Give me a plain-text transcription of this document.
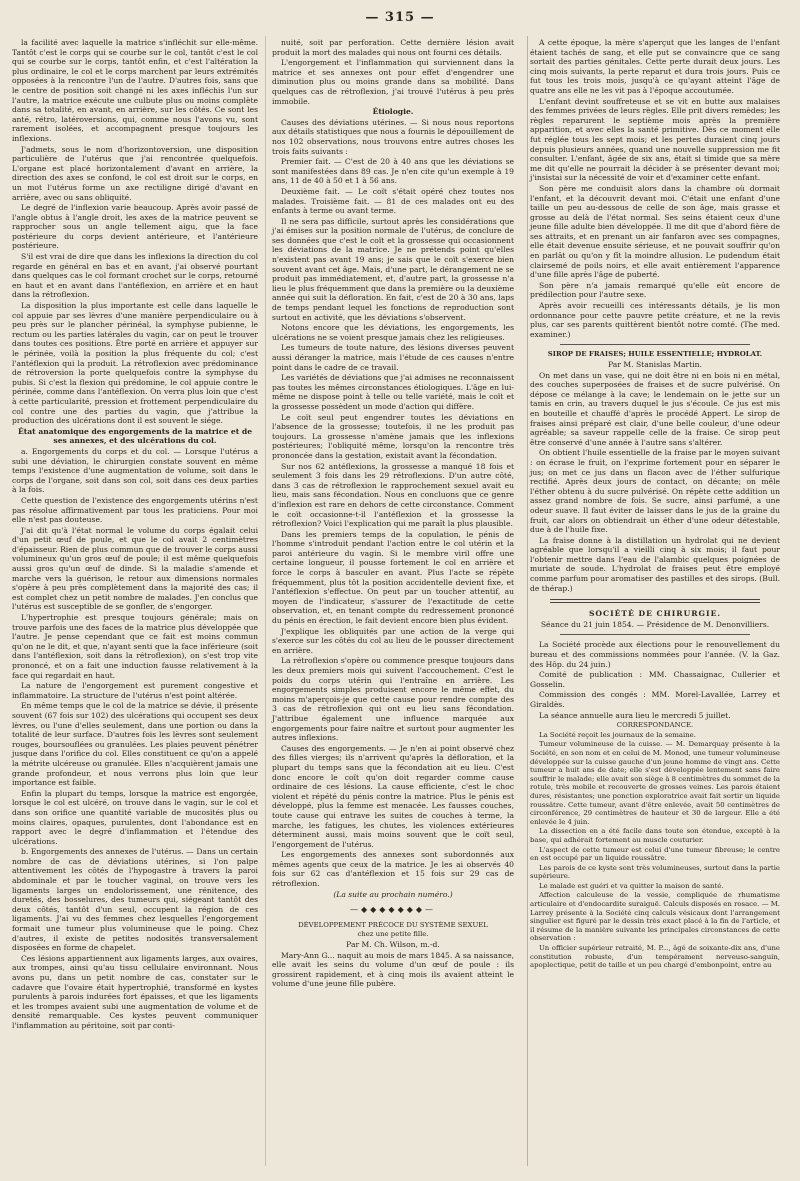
— 315 —

la facilité avec laquelle la matrice s'infléchit sur elle-même. Tantôt c'est le corps qui se courbe sur le col, tantôt c'est le col qui se courbe sur le corps, tantôt enfin, et c'est l'altération la plus ordinaire, le col et le corps marchent par leurs extrémités opposées à la rencontre l'un de l'autre. D'autres fois, sans que le centre de position soit changé ni les axes infléchis l'un sur l'autre, la matrice exécute une culbute plus ou moins complète dans sa totalité, en avant, en arrière, sur les côtés. Ce sont les anté, rétro, latéroversions, qui, comme nous l'avons vu, sont rarement isolées, et accompagnent presque toujours les inflexions.

J'admets, sous le nom d'horizontoversion, une disposition particulière de l'utérus que j'ai rencontrée quelquefois. L'organe est placé horizontalement d'avant en arrière, la direction des axes se confond, le col est droit sur le corps, en un mot l'utérus forme un axe rectiligne dirigé d'avant en arrière, avec ou sans obliquité.

Le degré de l'inflexion varie beaucoup. Après avoir passé de l'angle obtus à l'angle droit, les axes de la matrice peuvent se rapprocher sous un angle tellement aigu, que la face postérieure du corps devient antérieure, et l'antérieure postérieure.

S'il est vrai de dire que dans les inflexions la direction du col regarde en général en bas et en avant, j'ai observé pourtant dans quelques cas le col formant crochet sur le corps, retourné en haut et en avant dans l'antéflexion, en arrière et en haut dans la rétroflexion.

La disposition la plus importante est celle dans laquelle le col appuie par ses lèvres d'une manière perpendiculaire ou à peu près sur le plancher périnéal, la symphyse pubienne, le rectum ou les parties latérales du vagin, car on peut le trouver dans toutes ces positions. Être porté en arrière et appuyer sur le périnée, voilà la position la plus fréquente du col; c'est l'antéflexion qui la produit. La rétroflexion avec prédominance de rétroversion la porte quelquefois contre la symphyse du pubis. Si c'est la flexion qui prédomine, le col appuie contre le périnée, comme dans l'antéflexion. On verra plus loin que c'est à cette particularité, pression et frottement perpendiculaire du col contre une des parties du vagin, que j'attribue la production des ulcérations dont il est souvent le siége.

État anatomique des engorgements de la matrice et de ses annexes, et des ulcérations du col.

a. Engorgements du corps et du col. — Lorsque l'utérus a subi une déviation, le chirurgien constate souvent en même temps l'existence d'une augmentation de volume, soit dans le corps de l'organe, soit dans son col, soit dans ces deux parties à la fois.

Cette question de l'existence des engorgements utérins n'est pas résolue affirmativement par tous les praticiens. Pour moi elle n'est pas douteuse.

J'ai dit qu'à l'état normal le volume du corps égalait celui d'un petit œuf de poule, et que le col avait 2 centimètres d'épaisseur. Rien de plus commun que de trouver le corps aussi volumineux qu'un gros œuf de poule; il est même quelquefois aussi gros qu'un œuf de dinde. Si la maladie s'amende et marche vers la guérison, le retour aux dimensions normales s'opère à peu près complètement dans la majorité des cas; il est complet chez un petit nombre de malades. J'en conclus que l'utérus est susceptible de se gonfler, de s'engorger.

L'hypertrophie est presque toujours générale; mais on trouve parfois une des faces de la matrice plus développée que l'autre. Je pense cependant que ce fait est moins commun qu'on ne le dit, et que, n'ayant senti que la face inférieure (soit dans l'antéflexion, soit dans la rétroflexion), on s'est trop vite prononcé, et on a fait une induction fausse relativement à la face qui regardait en haut.

La nature de l'engorgement est purement congestive et inflammatoire. La structure de l'utérus n'est point altérée.

En même temps que le col de la matrice se dévie, il présente souvent (67 fois sur 102) des ulcérations qui occupent ses deux lèvres, ou l'une d'elles seulement, dans une portion ou dans la totalité de leur surface. D'autres fois les lèvres sont seulement rouges, boursouflées ou granulées. Les plaies peuvent pénétrer jusque dans l'orifice du col. Elles constituent ce qu'on a appelé la métrite ulcéreuse ou granulée. Elles n'acquièrent jamais une grande profondeur, et nous verrons plus loin que leur importance est faible.

Enfin la plupart du temps, lorsque la matrice est engorgée, lorsque le col est ulcéré, on trouve dans le vagin, sur le col et dans son orifice une quantité variable de mucosités plus ou moins claires, opaques, purulentes, dont l'abondance est en rapport avec le degré d'inflammation et l'étendue des ulcérations.

b. Engorgements des annexes de l'utérus. — Dans un certain nombre de cas de déviations utérines, si l'on palpe attentivement les côtés de l'hypogastre à travers la paroi abdominale et par le toucher vaginal, on trouve vers les ligaments larges un endolorissement, une rénitence, des duretés, des bosselures, des tumeurs qui, siégeant tantôt des deux côtés, tantôt d'un seul, occupent la région de ces ligaments. J'ai vu des femmes chez lesquelles l'engorgement formait une tumeur plus volumineuse que le poing. Chez d'autres, il existe de petites nodosités transversalement disposées en forme de chapelet.

Ces lésions appartiennent aux ligaments larges, aux ovaires, aux trompes, ainsi qu'au tissu cellulaire environnant. Nous avons pu, dans un petit nombre de cas, constater sur le cadavre que l'ovaire était hypertrophié, transformé en kystes purulents à parois indurées fort épaisses, et que les ligaments et les trompes avaient subi une augmentation de volume et de densité remarquable. Ces kystes peuvent communiquer l'inflammation au péritoine, soit par conti-

nuité, soit par perforation. Cette dernière lésion avait produit la mort des malades qui nous ont fourni ces détails.

L'engorgement et l'inflammation qui surviennent dans la matrice et ses annexes ont pour effet d'engendrer une diminution plus ou moins grande dans sa mobilité. Dans quelques cas de rétroflexion, j'ai trouvé l'utérus à peu près immobile.

Étiologie.

Causes des déviations utérines. — Si nous nous reportons aux détails statistiques que nous a fournis le dépouillement de nos 102 observations, nous trouvons entre autres choses les trois faits suivants :

Premier fait. — C'est de 20 à 40 ans que les déviations se sont manifestées dans 89 cas. Je n'en cite qu'un exemple à 19 ans, 11 de 40 à 50 et 1 à 56 ans.

Deuxième fait. — Le coït s'était opéré chez toutes nos malades. Troisième fait. — 81 de ces malades ont eu des enfants à terme ou avant terme.

Il ne sera pas difficile, surtout après les considérations que j'ai émises sur la position normale de l'utérus, de conclure de ses données que c'est le coït et la grossesse qui occasionnent les déviations de la matrice. Je ne prétends point qu'elles n'existent pas avant 19 ans; je sais que le coït s'exerce bien souvent avant cet âge. Mais, d'une part, le dérangement ne se produit pas immédiatement, et, d'autre part, la grossesse n'a lieu le plus fréquemment que dans la première ou la deuxième année qui suit la défloration. En fait, c'est de 20 à 30 ans, laps de temps pendant lequel les fonctions de reproduction sont surtout en activité, que les déviations s'observent.

Notons encore que les déviations, les engorgements, les ulcérations ne se voient presque jamais chez les religieuses.

Les tumeurs de toute nature, des lésions diverses peuvent aussi déranger la matrice, mais l'étude de ces causes n'entre point dans le cadre de ce travail.

Les variétés de déviations que j'ai admises ne reconnaissent pas toutes les mêmes circonstances étiologiques. L'âge en lui-même ne dispose point à telle ou telle variété, mais le coït et la grossesse possèdent un mode d'action qui diffère.

Le coït seul peut engendrer toutes les déviations en l'absence de la grossesse; toutefois, il ne les produit pas toujours. La grossesse n'amène jamais que les inflexions postérieures; l'obliquité même, lorsqu'on la rencontre très prononcée dans la gestation, existait avant la fécondation.

Sur nos 62 antéflexions, la grossesse a manqué 18 fois et seulement 3 fois dans les 29 rétroflexions. D'un autre côté, dans 3 cas de rétroflexion le rapprochement sexuel avait eu lieu, mais sans fécondation. Nous en concluons que ce genre d'inflexion est rare en dehors de cette circonstance. Comment le coït occasionne-t-il l'antéflexion et la grossesse la rétroflexion? Voici l'explication qui me paraît la plus plausible.

Dans les premiers temps de la copulation, le pénis de l'homme s'introduit pendant l'action entre le col utérin et la paroi antérieure du vagin. Si le membre viril offre une certaine longueur, il pousse fortement le col en arrière et force le corps à basculer en avant. Plus l'acte se répète fréquemment, plus tôt la position accidentelle devient fixe, et l'antéflexion s'effectue. On peut par un toucher attentif, au moyen de l'indicateur, s'assurer de l'exactitude de cette observation, et, en tenant compte du redressement prononcé du pénis en érection, le fait devient encore bien plus évident.

J'explique les obliquités par une action de la verge qui s'exerce sur les côtés du col au lieu de le pousser directement en arrière.

La rétroflexion s'opère ou commence presque toujours dans les deux premiers mois qui suivent l'accouchement. C'est le poids du corps utérin qui l'entraîne en arrière. Les engorgements simples produisent encore le même effet, du moins m'aperçois-je que cette cause pour rendre compte des 3 cas de rétroflexion qui ont eu lieu sans fécondation. J'attribue également une influence marquée aux engorgements pour faire naître et surtout pour augmenter les autres inflexions.

Causes des engorgements. — Je n'en ai point observé chez des filles vierges; ils n'arrivent qu'après la défloration, et la plupart du temps sans que la fécondation ait eu lieu. C'est donc encore le coït qu'on doit regarder comme cause ordinaire de ces lésions. La cause efficiente, c'est le choc violent et répété du pénis contre la matrice. Plus le pénis est développé, plus la femme est menacée. Les fausses couches, toute cause qui entrave les suites de couches à terme, la marche, les fatigues, les chutes, les violences extérieures déterminent aussi, mais moins souvent que le coït seul, l'engorgement de l'utérus.

Les engorgements des annexes sont subordonnés aux mêmes agents que ceux de la matrice. Je les ai observés 40 fois sur 62 cas d'antéflexion et 15 fois sur 29 cas de rétroflexion.

(La suite au prochain numéro.)

—◆◆◆◆◆◆◆—

DÉVELOPPEMENT PRÉCOCE DU SYSTÈME SEXUEL

chez une petite fille.

Par M. Ch. Wilson, m.-d.

Mary-Ann G... naquit au mois de mars 1845. A sa naissance, elle avait les seins du volume d'un œuf de poule : ils grossirent rapidement, et à cinq mois ils avaient atteint le volume d'une jeune fille pubère.

A cette époque, la mère s'aperçut que les langes de l'enfant étaient tachés de sang, et elle put se convaincre que ce sang sortait des parties génitales. Cette perte durait deux jours. Les cinq mois suivants, la perte reparut et dura trois jours. Puis ce fut tous les trois mois, jusqu'à ce qu'ayant atteint l'âge de quatre ans elle ne les vit pas à l'époque accoutumée.

L'enfant devint souffreteuse et se vit en butte aux malaises des femmes privées de leurs règles. Elle prit divers remèdes; les règles reparurent le septième mois après la première apparition, et avec elles la santé primitive. Dès ce moment elle fut réglée tous les sept mois; et les pertes duraient cinq jours depuis plusieurs années, quand une nouvelle suppression me fit consulter. L'enfant, âgée de six ans, était si timide que sa mère me dit qu'elle ne pourrait la décider à se présenter devant moi; j'insistai sur la nécessité de voir et d'examiner cette enfant.

Son père me conduisit alors dans la chambre où dormait l'enfant, et la découvrit devant moi. C'était une enfant d'une taille un peu au-dessous de celle de son âge, mais grasse et grosse au delà de l'état normal. Ses seins étaient ceux d'une jeune fille adulte bien développée. Il me dit que d'abord fière de ses attraits, et en prenant un air fanfaron avec ses compagnes, elle était devenue ensuite sérieuse, et ne pouvait souffrir qu'on en parlât ou qu'on y fît la moindre allusion. Le pudendum était clairsemé de poils noirs, et elle avait entièrement l'apparence d'une fille après l'âge de puberté.

Son père n'a jamais remarqué qu'elle eût encore de prédilection pour l'autre sexe.

Après avoir recueilli ces intéressants détails, je lis mon ordonnance pour cette pauvre petite créature, et ne la revis plus, car ses parents quittèrent bientôt notre comté. (The med. examiner.)

SIROP DE FRAISES; HUILE ESSENTIELLE; HYDROLAT.

Par M. Stanislas Martin.

On met dans un vase, qui ne doit être ni en bois ni en métal, des couches superposées de fraises et de sucre pulvérisé. On dépose ce mélange à la cave; le lendemain on le jette sur un tamis en crin, au travers duquel le jus s'écoule. Ce jus est mis en bouteille et chauffé d'après le procédé Appert. Le sirop de fraises ainsi préparé est clair, d'une belle couleur, d'une odeur agréable; sa saveur rappelle celle de la fraise. Ce sirop peut être conservé d'une année à l'autre sans s'altérer.

On obtient l'huile essentielle de la fraise par le moyen suivant : on écrase le fruit, on l'exprime fortement pour en séparer le jus; on met ce jus dans un flacon avec de l'éther sulfurique rectifié. Après deux jours de contact, on décante; on mêle l'éther obtenu à du sucre pulvérisé. On répète cette addition un assez grand nombre de fois. Se sucre, ainsi parfumé, a une odeur suave. Il faut éviter de laisser dans le jus de la graine du fruit, car alors on obtiendrait un éther d'une odeur détestable, due à de l'huile fixe.

La fraise donne à la distillation un hydrolat qui ne devient agréable que lorsqu'il a vieilli cinq à six mois; il faut pour l'obtenir mettre dans l'eau de l'alambic quelques poignées de muriate de soude. L'hydrolat de fraises peut être employé comme parfum pour aromatiser des pastilles et des sirops. (Bull. de thérap.)

SOCIÉTÉ DE CHIRURGIE.

Séance du 21 juin 1854. — Présidence de M. Denonvilliers.

La Société procède aux élections pour le renouvellement du bureau et des commissions nommées pour l'année. (V. la Gaz. des Hôp. du 24 juin.)

Comité de publication : MM. Chassaignac, Cullerier et Gosselin.

Commission des congés : MM. Morel-Lavallée, Larrey et Giraldès.

La séance annuelle aura lieu le mercredi 5 juillet.

CORRESPONDANCE.

La Société reçoit les journaux de la semaine.

Tumeur volumineuse de la cuisse. — M. Demarquay présente à la Société, en son nom et en celui de M. Monod, une tumeur volumineuse développée sur la cuisse gauche d'un jeune homme de vingt ans. Cette tumeur a huit ans de date; elle s'est développée lentement sans faire souffrir le malade; elle avait son siège à 8 centimètres du sommet de la rotule, très mobile et recouverte de grosses veines. Les parois étaient dures, résistantes; une ponction exploratrice avait fait sortir un liquide roussâtre. Cette tumeur, avant d'être enlevée, avait 50 centimètres de circonférence, 29 centimètres de hauteur et 30 de largeur. Elle a été enlevée le 4 juin.

La dissection en a été facile dans toute son étendue, excepté à la base, qui adhérait fortement au muscle couturier.

L'aspect de cette tumeur est celui d'une tumeur fibreuse; le centre en est occupé par un liquide roussâtre.

Les parois de ce kyste sont très volumineuses, surtout dans la partie supérieure.

Le malade est guéri et va quitter la maison de santé.

Affection calculeuse de la vessie, compliquée de rhumatisme articulaire et d'endocardite suraiguë. Calculs disposés en rosace. — M. Larrey présente à la Société cinq calculs vésicaux dont l'arrangement singulier est figuré par le dessin très exact placé à la fin de l'article, et il résume de la manière suivante les principales circonstances de cette observation :

Un officier supérieur retraité, M. P..., âgé de soixante-dix ans, d'une constitution robuste, d'un tempérament nerveuso-sanguin, apoplectique, petit de taille et un peu chargé d'embonpoint, entre au
